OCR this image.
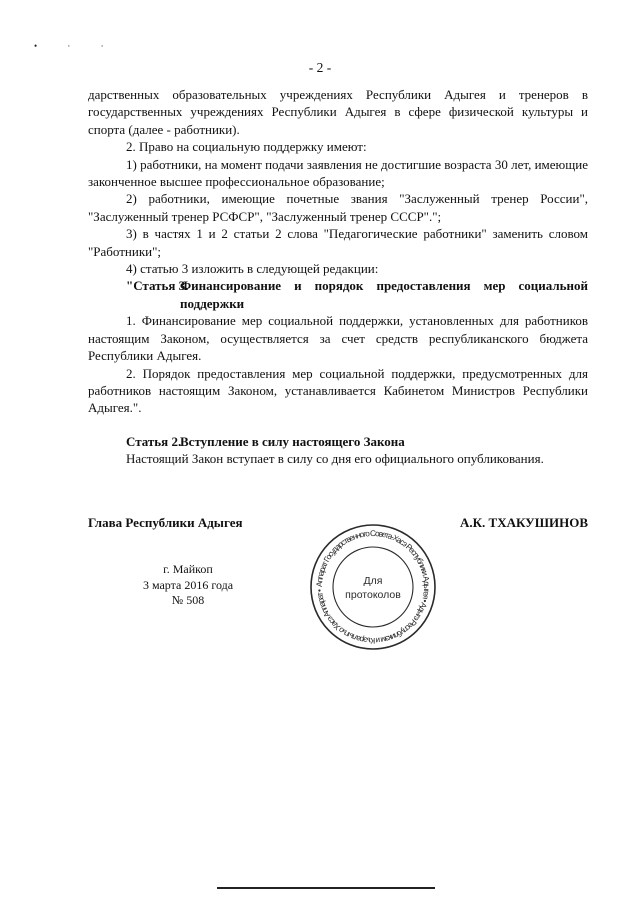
• · ·
- 2 -

дарственных образовательных учреждениях Республики Адыгея и тренеров в государственных учреждениях Республики Адыгея в сфере физической культуры и спорта (далее - работники).

2. Право на социальную поддержку имеют:

1) работники, на момент подачи заявления не достигшие возраста 30 лет, имеющие законченное высшее профессиональное образование;

2) работники, имеющие почетные звания "Заслуженный тренер России", "Заслуженный тренер РСФСР", "Заслуженный тренер СССР".";

3) в частях 1 и 2 статьи 2 слова "Педагогические работники" заменить словом "Работники";

4) статью 3 изложить в следующей редакции:

"Статья 3.
Финансирование и порядок предоставления мер социальной поддержки

1. Финансирование мер социальной поддержки, установленных для работников настоящим Законом, осуществляется за счет средств республиканского бюджета Республики Адыгея.

2. Порядок предоставления мер социальной поддержки, предусмотренных для работников настоящим Законом, устанавливается Кабинетом Министров Республики Адыгея.".

Статья 2.
Вступление в силу настоящего Закона

Настоящий Закон вступает в силу со дня его официального опубликования.

Глава Республики Адыгея	А.К. ТХАКУШИНОВ
г. Майкоп
3 марта 2016 года
№ 508
Аппарат Государственного Совета-Хасэ Республики Адыгея • Адыгэ Республикэм и Къэралыгъо Хасэ Аппарат •
Для
протоколов
